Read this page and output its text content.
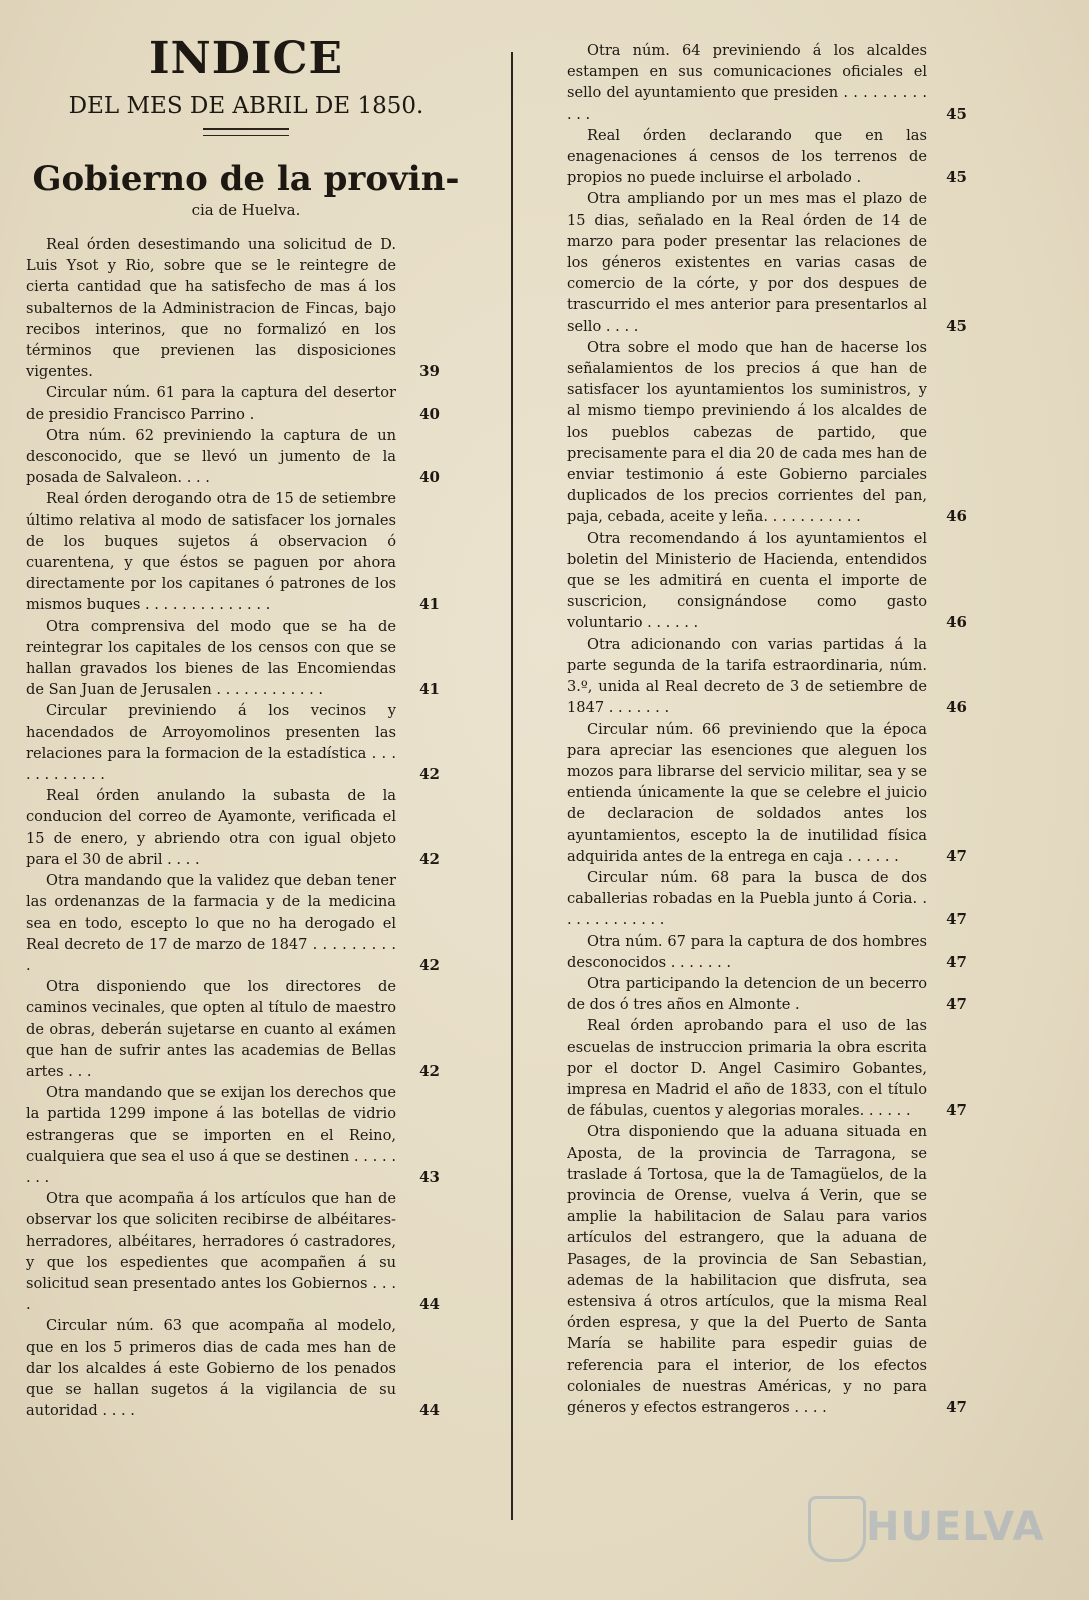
INDICE

DEL MES DE ABRIL DE 1850.

Gobierno de la provin-

cia de Huelva.

Real órden desestimando una solicitud de D. Luis Ysot y Rio, sobre que se le reintegre de cierta cantidad que ha satisfecho de mas á los subalternos de la Administracion de Fincas, bajo recibos interinos, que no formalizó en los términos que previenen las disposiciones vigentes.	39

Circular núm. 61 para la captura del desertor de presidio Francisco Parrino .	40

Otra núm. 62 previniendo la captura de un desconocido, que se llevó un jumento de la posada de Salvaleon. . . .	40

Real órden derogando otra de 15 de setiembre último relativa al modo de satisfacer los jornales de los buques sujetos á observacion ó cuarentena, y que éstos se paguen por ahora directamente por los capitanes ó patrones de los mismos buques . . . . . . . . . . . . . .	41

Otra comprensiva del modo que se ha de reintegrar los capitales de los censos con que se hallan gravados los bienes de las Encomiendas de San Juan de Jerusalen . . . . . . . . . . . .	41

Circular previniendo á los vecinos y hacendados de Arroyomolinos presenten las relaciones para la formacion de la estadística . . . . . . . . . . . .	42

Real órden anulando la subasta de la conducion del correo de Ayamonte, verificada el 15 de enero, y abriendo otra con igual objeto para el 30 de abril . . . .	42

Otra mandando que la validez que deban tener las ordenanzas de la farmacia y de la medicina sea en todo, escepto lo que no ha derogado el Real decreto de 17 de marzo de 1847 . . . . . . . . . .	42

Otra disponiendo que los directores de caminos vecinales, que opten al título de maestro de obras, deberán sujetarse en cuanto al exámen que han de sufrir antes las academias de Bellas artes . . .	42

Otra mandando que se exijan los derechos que la partida 1299 impone á las botellas de vidrio estrangeras que se importen en el Reino, cualquiera que sea el uso á que se destinen . . . . . . . .	43

Otra que acompaña á los artículos que han de observar los que soliciten recibirse de albéitares-herradores, albéitares, herradores ó castradores, y que los espedientes que acompañen á su solicitud sean presentado antes los Gobiernos . . . .	44

Circular núm. 63 que acompaña al modelo, que en los 5 primeros dias de cada mes han de dar los alcaldes á este Gobierno de los penados que se hallan sugetos á la vigilancia de su autoridad . . . .	44

Otra núm. 64 previniendo á los alcaldes estampen en sus comunicaciones oficiales el sello del ayuntamiento que presiden . . . . . . . . . . . .	45

Real órden declarando que en las enagenaciones á censos de los terrenos de propios no puede incluirse el arbolado .	45

Otra ampliando por un mes mas el plazo de 15 dias, señalado en la Real órden de 14 de marzo para poder presentar las relaciones de los géneros existentes en varias casas de comercio de la córte, y por dos despues de trascurrido el mes anterior para presentarlos al sello . . . .	45

Otra sobre el modo que han de hacerse los señalamientos de los precios á que han de satisfacer los ayuntamientos los suministros, y al mismo tiempo previniendo á los alcaldes de los pueblos cabezas de partido, que precisamente para el dia 20 de cada mes han de enviar testimonio á este Gobierno parciales duplicados de los precios corrientes del pan, paja, cebada, aceite y leña. . . . . . . . . . .	46

Otra recomendando á los ayuntamientos el boletin del Ministerio de Hacienda, entendidos que se les admitirá en cuenta el importe de suscricion, consignándose como gasto voluntario . . . . . .	46

Otra adicionando con varias partidas á la parte segunda de la tarifa estraordinaria, núm. 3.º, unida al Real decreto de 3 de setiembre de 1847 . . . . . . .	46

Circular núm. 66 previniendo que la época para apreciar las esenciones que aleguen los mozos para librarse del servicio militar, sea y se entienda únicamente la que se celebre el juicio de declaracion de soldados antes los ayuntamientos, escepto la de inutilidad física adquirida antes de la entrega en caja . . . . . .	47

Circular núm. 68 para la busca de dos caballerias robadas en la Puebla junto á Coria. . . . . . . . . . . . .	47

Otra núm. 67 para la captura de dos hombres desconocidos . . . . . . .	47

Otra participando la detencion de un becerro de dos ó tres años en Almonte .	47

Real órden aprobando para el uso de las escuelas de instruccion primaria la obra escrita por el doctor D. Angel Casimiro Gobantes, impresa en Madrid el año de 1833, con el título de fábulas, cuentos y alegorias morales. . . . . . 47

Otra disponiendo que la aduana situada en Aposta, de la provincia de Tarragona, se traslade á Tortosa, que la de Tamagüelos, de la provincia de Orense, vuelva á Verin, que se amplie la habilitacion de Salau para varios artículos del estrangero, que la aduana de Pasages, de la provincia de San Sebastian, ademas de la habilitacion que disfruta, sea estensiva á otros artículos, que la misma Real órden espresa, y que la del Puerto de Santa María se habilite para espedir guias de referencia para el interior, de los efectos coloniales de nuestras Américas, y no para géneros y efectos estrangeros . . . .	47

HUELVA
